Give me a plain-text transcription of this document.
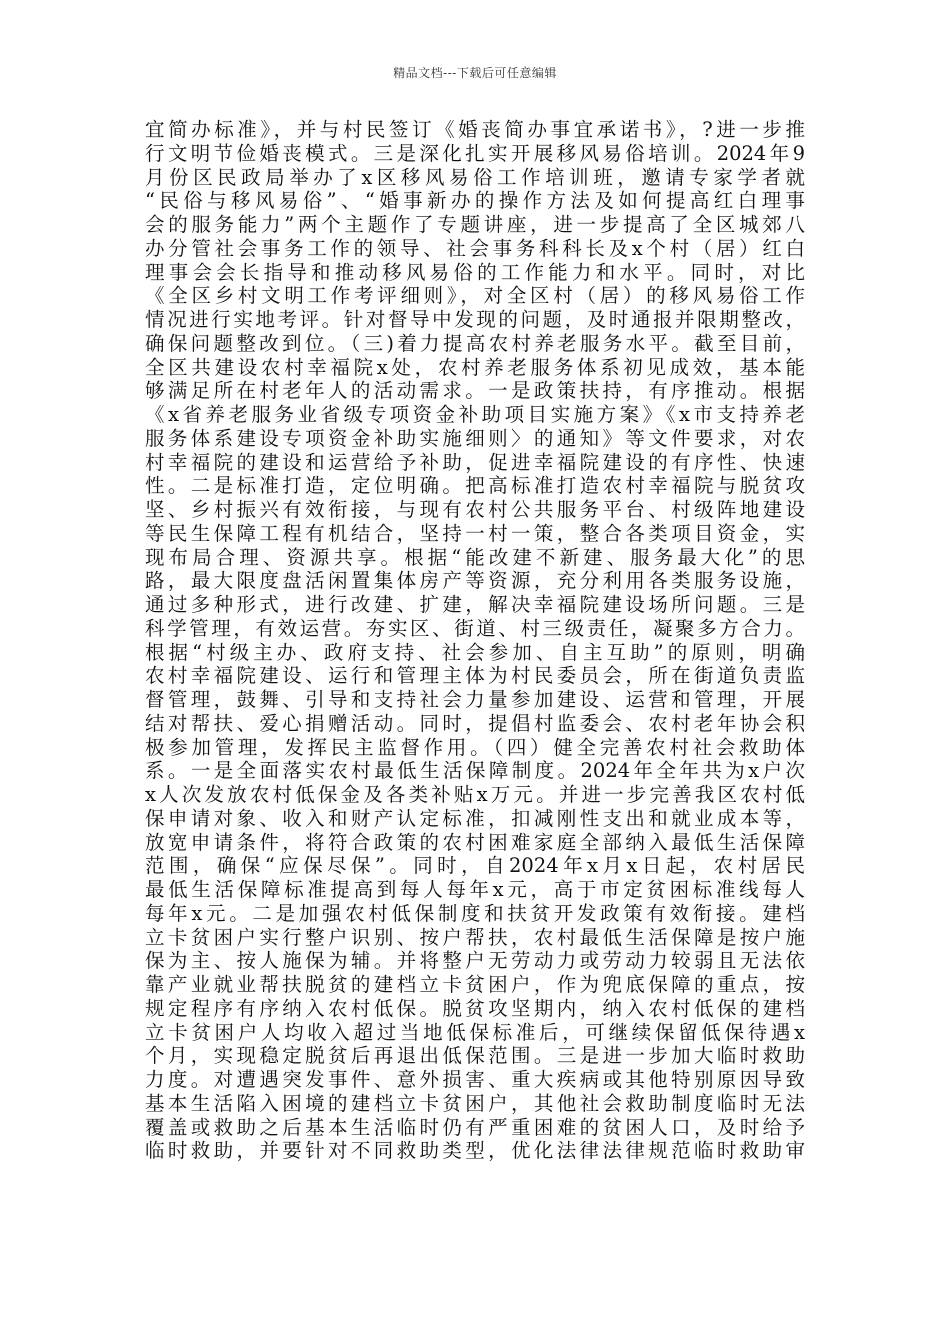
精品文档---下载后可任意编辑
宜简办标准》，并与村民签订《婚丧简办事宜承诺书》，?进一步推
行文明节俭婚丧模式。三是深化扎实开展移风易俗培训。2024年9
月份区民政局举办了x区移风易俗工作培训班，邀请专家学者就
“民俗与移风易俗”、“婚事新办的操作方法及如何提高红白理事
会的服务能力”两个主题作了专题讲座，进一步提高了全区城郊八
办分管社会事务工作的领导、社会事务科科长及x个村（居）红白
理事会会长指导和推动移风易俗的工作能力和水平。同时，对比
《全区乡村文明工作考评细则》，对全区村（居）的移风易俗工作
情况进行实地考评。针对督导中发现的问题，及时通报并限期整改，
确保问题整改到位。（三)着力提高农村养老服务水平。截至目前，
全区共建设农村幸福院x处，农村养老服务体系初见成效，基本能
够满足所在村老年人的活动需求。一是政策扶持，有序推动。根据
《x省养老服务业省级专项资金补助项目实施方案》《x市支持养老
服务体系建设专项资金补助实施细则〉的通知》等文件要求，对农
村幸福院的建设和运营给予补助，促进幸福院建设的有序性、快速
性。二是标准打造，定位明确。把高标准打造农村幸福院与脱贫攻
坚、乡村振兴有效衔接，与现有农村公共服务平台、村级阵地建设
等民生保障工程有机结合，坚持一村一策，整合各类项目资金，实
现布局合理、资源共享。根据“能改建不新建、服务最大化”的思
路，最大限度盘活闲置集体房产等资源，充分利用各类服务设施，
通过多种形式，进行改建、扩建，解决幸福院建设场所问题。三是
科学管理，有效运营。夯实区、街道、村三级责任，凝聚多方合力。
根据“村级主办、政府支持、社会参加、自主互助”的原则，明确
农村幸福院建设、运行和管理主体为村民委员会，所在街道负责监
督管理，鼓舞、引导和支持社会力量参加建设、运营和管理，开展
结对帮扶、爱心捐赠活动。同时，提倡村监委会、农村老年协会积
极参加管理，发挥民主监督作用。（四）健全完善农村社会救助体
系。一是全面落实农村最低生活保障制度。2024年全年共为x户次
x人次发放农村低保金及各类补贴x万元。并进一步完善我区农村低
保申请对象、收入和财产认定标准，扣减刚性支出和就业成本等，
放宽申请条件，将符合政策的农村困难家庭全部纳入最低生活保障
范围，确保“应保尽保”。同时，自2024年x月x日起，农村居民
最低生活保障标准提高到每人每年x元，高于市定贫困标准线每人
每年x元。二是加强农村低保制度和扶贫开发政策有效衔接。建档
立卡贫困户实行整户识别、按户帮扶，农村最低生活保障是按户施
保为主、按人施保为辅。并将整户无劳动力或劳动力较弱且无法依
靠产业就业帮扶脱贫的建档立卡贫困户，作为兜底保障的重点，按
规定程序有序纳入农村低保。脱贫攻坚期内，纳入农村低保的建档
立卡贫困户人均收入超过当地低保标准后，可继续保留低保待遇x
个月，实现稳定脱贫后再退出低保范围。三是进一步加大临时救助
力度。对遭遇突发事件、意外损害、重大疾病或其他特别原因导致
基本生活陷入困境的建档立卡贫困户，其他社会救助制度临时无法
覆盖或救助之后基本生活临时仍有严重困难的贫困人口，及时给予
临时救助，并要针对不同救助类型，优化法律法律规范临时救助审
